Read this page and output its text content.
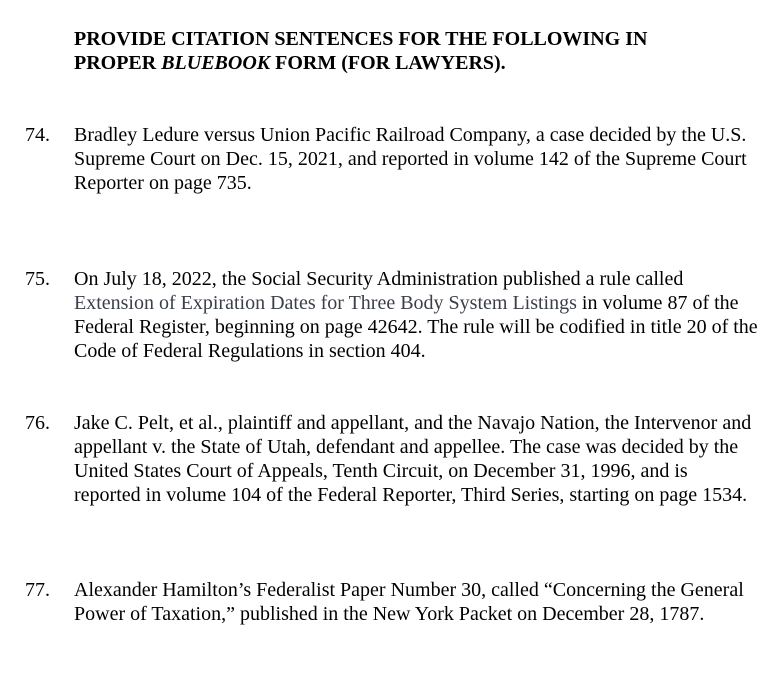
PROVIDE CITATION SENTENCES FOR THE FOLLOWING IN
PROPER BLUEBOOK FORM (FOR LAWYERS).
74. Bradley Ledure versus Union Pacific Railroad Company, a case decided by the U.S. Supreme Court on Dec. 15, 2021, and reported in volume 142 of the Supreme Court Reporter on page 735.
75. On July 18, 2022, the Social Security Administration published a rule called Extension of Expiration Dates for Three Body System Listings in volume 87 of the Federal Register, beginning on page 42642. The rule will be codified in title 20 of the Code of Federal Regulations in section 404.
76. Jake C. Pelt, et al., plaintiff and appellant, and the Navajo Nation, the Intervenor and appellant v. the State of Utah, defendant and appellee. The case was decided by the United States Court of Appeals, Tenth Circuit, on December 31, 1996, and is reported in volume 104 of the Federal Reporter, Third Series, starting on page 1534.
77. Alexander Hamilton’s Federalist Paper Number 30, called “Concerning the General Power of Taxation,” published in the New York Packet on December 28, 1787.
